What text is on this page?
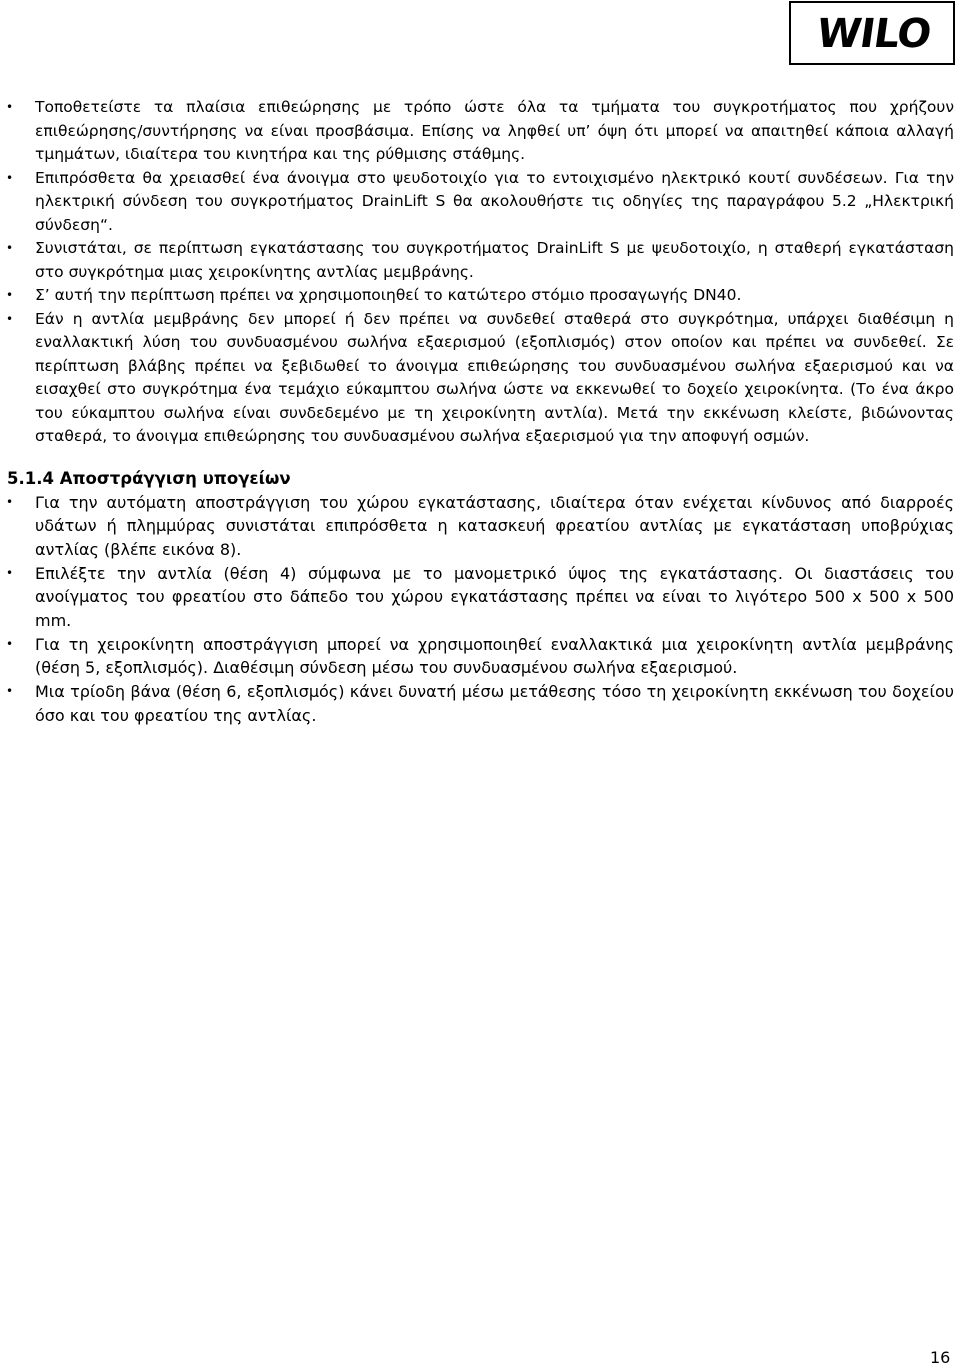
WILO
•	Τοποθετείστε τα πλαίσια επιθεώρησης με τρόπο ώστε όλα τα τμήματα του συγκροτήματος που χρήζουν επιθεώρησης/συντήρησης να είναι προσβάσιμα. Επίσης να ληφθεί υπ’ όψη ότι μπορεί να απαιτηθεί κάποια αλλαγή τμημάτων, ιδιαίτερα του κινητήρα και της ρύθμισης στάθμης.
•	Επιπρόσθετα θα χρειασθεί ένα άνοιγμα στο ψευδοτοιχίο για το εντοιχισμένο ηλεκτρικό κουτί συνδέσεων. Για την ηλεκτρική σύνδεση του συγκροτήματος DrainLift S θα ακολουθήστε τις οδηγίες της παραγράφου 5.2 „Ηλεκτρική σύνδεση“.
•	Συνιστάται, σε περίπτωση εγκατάστασης του συγκροτήματος DrainLift S με ψευδοτοιχίο, η σταθερή εγκατάσταση στο συγκρότημα μιας χειροκίνητης αντλίας μεμβράνης.
•	Σ’ αυτή την περίπτωση πρέπει να χρησιμοποιηθεί το κατώτερο στόμιο προσαγωγής DN40.
•	Εάν η αντλία μεμβράνης δεν μπορεί ή δεν πρέπει να συνδεθεί σταθερά στο συγκρότημα, υπάρχει διαθέσιμη η εναλλακτική λύση του συνδυασμένου σωλήνα εξαερισμού (εξοπλισμός) στον οποίον και πρέπει να συνδεθεί. Σε περίπτωση βλάβης πρέπει να ξεβιδωθεί το άνοιγμα επιθεώρησης του συνδυασμένου σωλήνα εξαερισμού και να εισαχθεί στο συγκρότημα ένα τεμάχιο εύκαμπτου σωλήνα ώστε να εκκενωθεί το δοχείο χειροκίνητα. (Το ένα άκρο του εύκαμπτου σωλήνα είναι συνδεδεμένο με τη χειροκίνητη αντλία). Μετά την εκκένωση κλείστε, βιδώνοντας σταθερά, το άνοιγμα επιθεώρησης του συνδυασμένου σωλήνα εξαερισμού για την αποφυγή οσμών.
5.1.4 Αποστράγγιση υπογείων
•	Για την αυτόματη αποστράγγιση του χώρου εγκατάστασης, ιδιαίτερα όταν ενέχεται κίνδυνος από διαρροές υδάτων ή πλημμύρας συνιστάται επιπρόσθετα η κατασκευή φρεατίου αντλίας με εγκατάσταση υποβρύχιας αντλίας (βλέπε εικόνα 8).
•	Επιλέξτε την αντλία (θέση 4) σύμφωνα με το μανομετρικό ύψος της εγκατάστασης. Οι διαστάσεις του ανοίγματος του φρεατίου στο δάπεδο του χώρου εγκατάστασης πρέπει να είναι το λιγότερο 500 x 500 x 500 mm.
•	Για τη χειροκίνητη αποστράγγιση μπορεί να χρησιμοποιηθεί εναλλακτικά μια χειροκίνητη αντλία μεμβράνης (θέση 5, εξοπλισμός). Διαθέσιμη σύνδεση μέσω του συνδυασμένου σωλήνα εξαερισμού.
•	Μια τρίοδη βάνα (θέση 6, εξοπλισμός) κάνει δυνατή μέσω μετάθεσης τόσο τη χειροκίνητη εκκένωση του δοχείου όσο και του φρεατίου της αντλίας.
16
